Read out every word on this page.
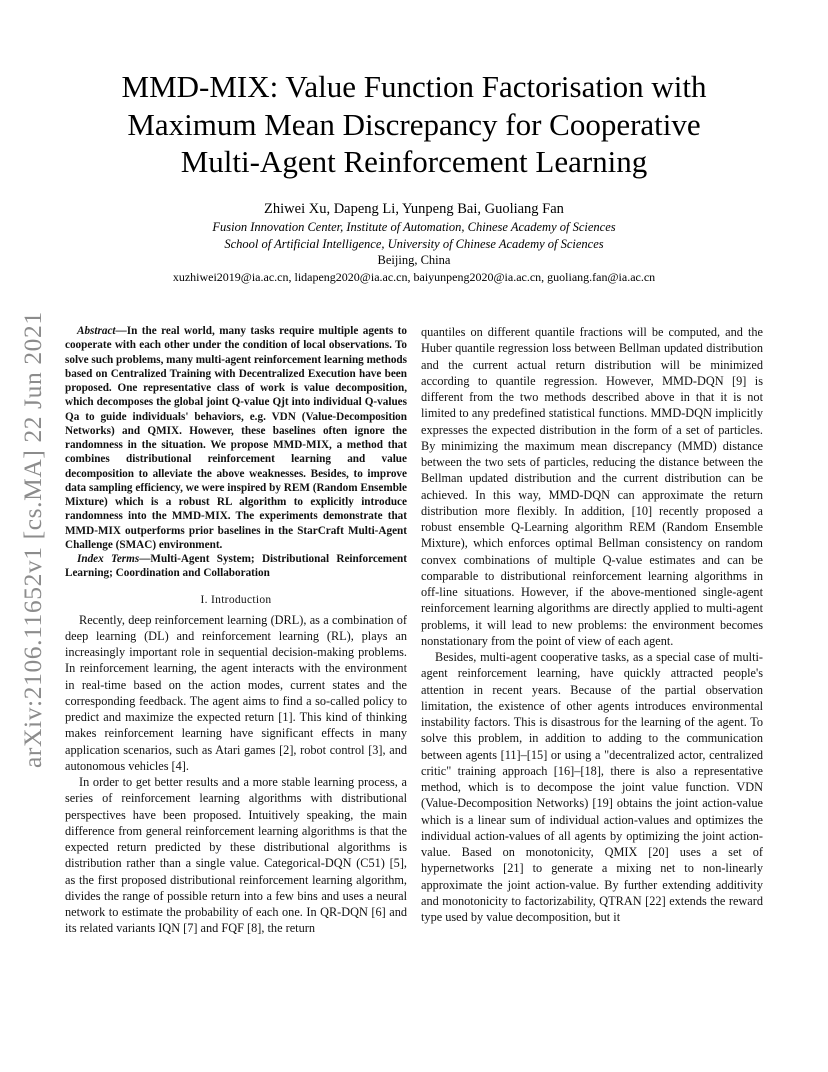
arXiv:2106.11652v1 [cs.MA] 22 Jun 2021
MMD-MIX: Value Function Factorisation with
Maximum Mean Discrepancy for Cooperative
Multi-Agent Reinforcement Learning
Zhiwei Xu, Dapeng Li, Yunpeng Bai, Guoliang Fan
Fusion Innovation Center, Institute of Automation, Chinese Academy of Sciences
School of Artificial Intelligence, University of Chinese Academy of Sciences
Beijing, China
xuzhiwei2019@ia.ac.cn, lidapeng2020@ia.ac.cn, baiyunpeng2020@ia.ac.cn, guoliang.fan@ia.ac.cn

Abstract—In the real world, many tasks require multiple agents to cooperate with each other under the condition of local observations. To solve such problems, many multi-agent reinforcement learning methods based on Centralized Training with Decentralized Execution have been proposed. One representative class of work is value decomposition, which decomposes the global joint Q-value Qjt into individual Q-values Qa to guide individuals' behaviors, e.g. VDN (Value-Decomposition Networks) and QMIX. However, these baselines often ignore the randomness in the situation. We propose MMD-MIX, a method that combines distributional reinforcement learning and value decomposition to alleviate the above weaknesses. Besides, to improve data sampling efficiency, we were inspired by REM (Random Ensemble Mixture) which is a robust RL algorithm to explicitly introduce randomness into the MMD-MIX. The experiments demonstrate that MMD-MIX outperforms prior baselines in the StarCraft Multi-Agent Challenge (SMAC) environment.

Index Terms—Multi-Agent System; Distributional Reinforcement Learning; Coordination and Collaboration

I. Introduction

Recently, deep reinforcement learning (DRL), as a combination of deep learning (DL) and reinforcement learning (RL), plays an increasingly important role in sequential decision-making problems. In reinforcement learning, the agent interacts with the environment in real-time based on the action modes, current states and the corresponding feedback. The agent aims to find a so-called policy to predict and maximize the expected return [1]. This kind of thinking makes reinforcement learning have significant effects in many application scenarios, such as Atari games [2], robot control [3], and autonomous vehicles [4].

In order to get better results and a more stable learning process, a series of reinforcement learning algorithms with distributional perspectives have been proposed. Intuitively speaking, the main difference from general reinforcement learning algorithms is that the expected return predicted by these distributional algorithms is distribution rather than a single value. Categorical-DQN (C51) [5], as the first proposed distributional reinforcement learning algorithm, divides the range of possible return into a few bins and uses a neural network to estimate the probability of each one. In QR-DQN [6] and its related variants IQN [7] and FQF [8], the return

quantiles on different quantile fractions will be computed, and the Huber quantile regression loss between Bellman updated distribution and the current actual return distribution will be minimized according to quantile regression. However, MMD-DQN [9] is different from the two methods described above in that it is not limited to any predefined statistical functions. MMD-DQN implicitly expresses the expected distribution in the form of a set of particles. By minimizing the maximum mean discrepancy (MMD) distance between the two sets of particles, reducing the distance between the Bellman updated distribution and the current distribution can be achieved. In this way, MMD-DQN can approximate the return distribution more flexibly. In addition, [10] recently proposed a robust ensemble Q-Learning algorithm REM (Random Ensemble Mixture), which enforces optimal Bellman consistency on random convex combinations of multiple Q-value estimates and can be comparable to distributional reinforcement learning algorithms in off-line situations. However, if the above-mentioned single-agent reinforcement learning algorithms are directly applied to multi-agent problems, it will lead to new problems: the environment becomes nonstationary from the point of view of each agent.

Besides, multi-agent cooperative tasks, as a special case of multi-agent reinforcement learning, have quickly attracted people's attention in recent years. Because of the partial observation limitation, the existence of other agents introduces environmental instability factors. This is disastrous for the learning of the agent. To solve this problem, in addition to adding to the communication between agents [11]–[15] or using a "decentralized actor, centralized critic" training approach [16]–[18], there is also a representative method, which is to decompose the joint value function. VDN (Value-Decomposition Networks) [19] obtains the joint action-value which is a linear sum of individual action-values and optimizes the individual action-values of all agents by optimizing the joint action-value. Based on monotonicity, QMIX [20] uses a set of hypernetworks [21] to generate a mixing net to non-linearly approximate the joint action-value. By further extending additivity and monotonicity to factorizability, QTRAN [22] extends the reward type used by value decomposition, but it
